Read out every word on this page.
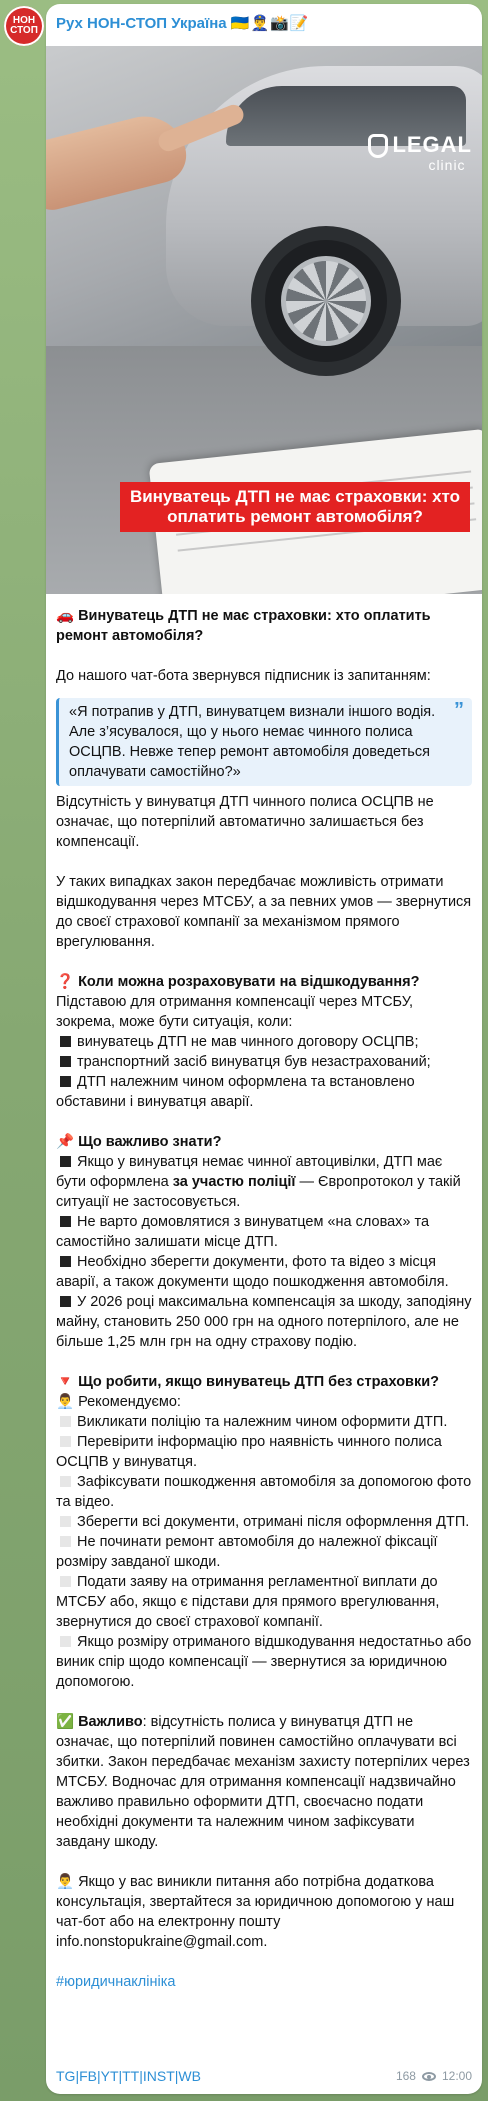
НОН СТОП	Рух НОН-СТОП Україна 🇺🇦👮‍♂️📸📝
LEGAL
clinic
Винуватець ДТП не має страховки: хто оплатить ремонт автомобіля?

🚗 Винуватець ДТП не має страховки: хто оплатить ремонт автомобіля?

До нашого чат-бота звернувся підписник із запитанням:

”

«Я потрапив у ДТП, винуватцем визнали іншого водія. Але з’ясувалося, що у нього немає чинного полиса ОСЦПВ. Невже тепер ремонт автомобіля доведеться оплачувати самостійно?»

Відсутність у винуватця ДТП чинного полиса ОСЦПВ не означає, що потерпілий автоматично залишається без компенсації.

У таких випадках закон передбачає можливість отримати відшкодування через МТСБУ, а за певних умов — звернутися до своєї страхової компанії за механізмом прямого врегулювання.

❓ Коли можна розраховувати на відшкодування?

Підставою для отримання компенсації через МТСБУ, зокрема, може бути ситуація, коли:

винуватець ДТП не мав чинного договору ОСЦПВ;

транспортний засіб винуватця був незастрахований;

ДТП належним чином оформлена та встановлено обставини і винуватця аварії.

📌 Що важливо знати?

Якщо у винуватця немає чинної автоцивілки, ДТП має бути оформлена за участю поліції — Європротокол у такій ситуації не застосовується.

Не варто домовлятися з винуватцем «на словах» та самостійно залишати місце ДТП.

Необхідно зберегти документи, фото та відео з місця аварії, а також документи щодо пошкодження автомобіля.

У 2026 році максимальна компенсація за шкоду, заподіяну майну, становить 250 000 грн на одного потерпілого, але не більше 1,25 млн грн на одну страхову подію.

🔻 Що робити, якщо винуватець ДТП без страховки?

👨‍💼 Рекомендуємо:

Викликати поліцію та належним чином оформити ДТП.

Перевірити інформацію про наявність чинного полиса ОСЦПВ у винуватця.

Зафіксувати пошкодження автомобіля за допомогою фото та відео.

Зберегти всі документи, отримані після оформлення ДТП.

Не починати ремонт автомобіля до належної фіксації розміру завданої шкоди.

Подати заяву на отримання регламентної виплати до МТСБУ або, якщо є підстави для прямого врегулювання, звернутися до своєї страхової компанії.

Якщо розміру отриманого відшкодування недостатньо або виник спір щодо компенсації — звернутися за юридичною допомогою.

✅ Важливо: відсутність полиса у винуватця ДТП не означає, що потерпілий повинен самостійно оплачувати всі збитки. Закон передбачає механізм захисту потерпілих через МТСБУ. Водночас для отримання компенсації надзвичайно важливо правильно оформити ДТП, своєчасно подати необхідні документи та належним чином зафіксувати завдану шкоду.

👨‍💼 Якщо у вас виникли питання або потрібна додаткова консультація, звертайтеся за юридичною допомогою у наш чат-бот або на електронну пошту info.nonstopukraine@gmail.com.

#юридичнаклініка

TG|FB|YT|TT|INST|WB	168 12:00
